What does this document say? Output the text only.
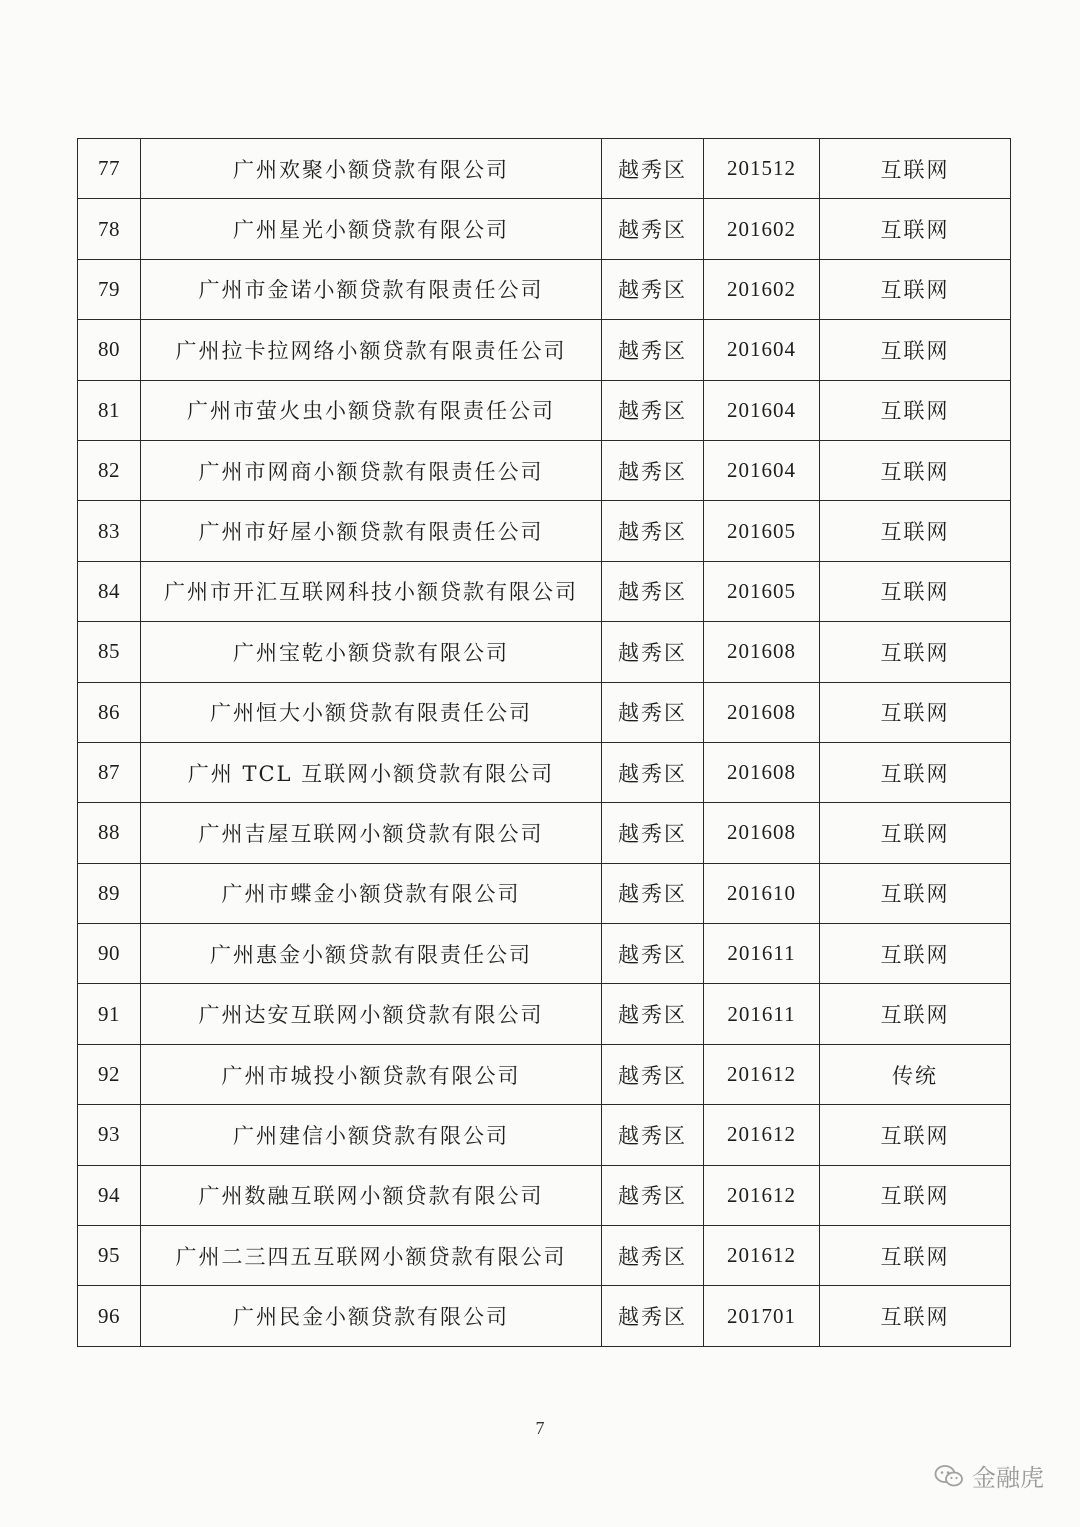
77	广州欢聚小额贷款有限公司	越秀区	201512	互联网
78	广州星光小额贷款有限公司	越秀区	201602	互联网
79	广州市金诺小额贷款有限责任公司	越秀区	201602	互联网
80	广州拉卡拉网络小额贷款有限责任公司	越秀区	201604	互联网
81	广州市萤火虫小额贷款有限责任公司	越秀区	201604	互联网
82	广州市网商小额贷款有限责任公司	越秀区	201604	互联网
83	广州市好屋小额贷款有限责任公司	越秀区	201605	互联网
84	广州市开汇互联网科技小额贷款有限公司	越秀区	201605	互联网
85	广州宝乾小额贷款有限公司	越秀区	201608	互联网
86	广州恒大小额贷款有限责任公司	越秀区	201608	互联网
87	广州 TCL 互联网小额贷款有限公司	越秀区	201608	互联网
88	广州吉屋互联网小额贷款有限公司	越秀区	201608	互联网
89	广州市蝶金小额贷款有限公司	越秀区	201610	互联网
90	广州惠金小额贷款有限责任公司	越秀区	201611	互联网
91	广州达安互联网小额贷款有限公司	越秀区	201611	互联网
92	广州市城投小额贷款有限公司	越秀区	201612	传统
93	广州建信小额贷款有限公司	越秀区	201612	互联网
94	广州数融互联网小额贷款有限公司	越秀区	201612	互联网
95	广州二三四五互联网小额贷款有限公司	越秀区	201612	互联网
96	广州民金小额贷款有限公司	越秀区	201701	互联网
7
金融虎
